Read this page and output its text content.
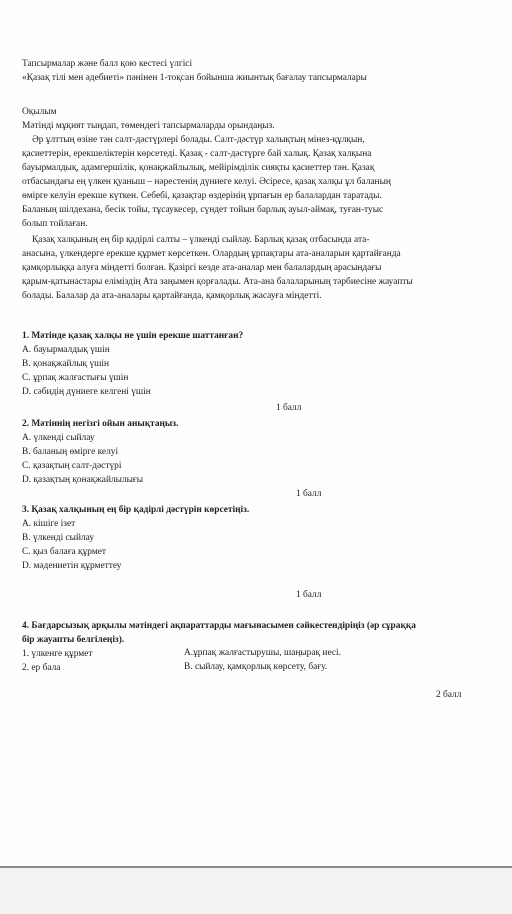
Тапсырмалар және балл қою кестесі үлгісі
«Қазақ тілі мен әдебиеті» пәнінен 1-тоқсан бойынша жиынтық бағалау тапсырмалары
Оқылым
Мәтінді мұқият тыңдап, төмендегі тапсырмаларды орындаңыз.
Әр ұлттың өзіне тән салт-дәстүрлері болады. Салт-дәстүр халықтың мінез-құлқын,
қасиеттерін, ерекшеліктерін көрсетеді. Қазақ - салт-дәстүрге бай халық. Қазақ халқына
бауырмалдық, адамгершілік, қонақжайлылық, мейірімділік сияқты қасиеттер тән. Қазақ
отбасындағы ең үлкен қуаныш – нәрестенің дүниеге келуі. Әсіресе, қазақ халқы ұл баланың
өмірге келуін ерекше күткен. Себебі, қазақтар өздерінің ұрпағын ер балалардан таратады.
Баланың шілдехана, бесік тойы, тұсаукесер, сүндет тойын барлық ауыл-аймақ, туған-туыс
болып тойлаған.
Қазақ халқының ең бір қадірлі салты – үлкенді сыйлау. Барлық қазақ отбасында ата-
анасына, үлкендерге ерекше құрмет көрсеткен. Олардың ұрпақтары ата-аналарын қартайғанда
қамқорлыққа алуға міндетті болған. Қазіргі кезде ата-аналар мен балалардың арасындағы
қарым-қатынастары еліміздің Ата заңымен қорғалады. Ата-ана балаларының тәрбиесіне жауапты
болады. Балалар да ата-аналары қартайғанда, қамқорлық жасауға міндетті.
1. Мәтінде қазақ халқы не үшін ерекше шаттанған?
А. бауырмалдық үшін
В. қонақжайлық үшін
С. ұрпақ жалғастығы үшін
D. сәбидің дүниеге келгені үшін
1 балл
2. Мәтіннің негізгі ойын анықтаңыз.
А. үлкенді сыйлау
В. баланың өмірге келуі
С. қазақтың салт-дәстүрі
D. қазақтың қонақжайлылығы
1 балл
3. Қазақ халқының ең бір қадірлі дәстүрін көрсетіңіз.
А. кішіге ізет
В. үлкенді сыйлау
С. қыз балаға құрмет
D. мәдениетін құрметтеу
1 балл
4. Бағдарсызық арқылы мәтіндегі ақпараттарды мағынасымен сәйкестендіріңіз (әр сұраққа
бір жауапты белгілеңіз).
1. үлкенге құрмет	А.ұрпақ жалғастырушы, шаңырақ иесі.
2. ер бала	В. сыйлау, қамқорлық көрсету, бағу.
2 балл
